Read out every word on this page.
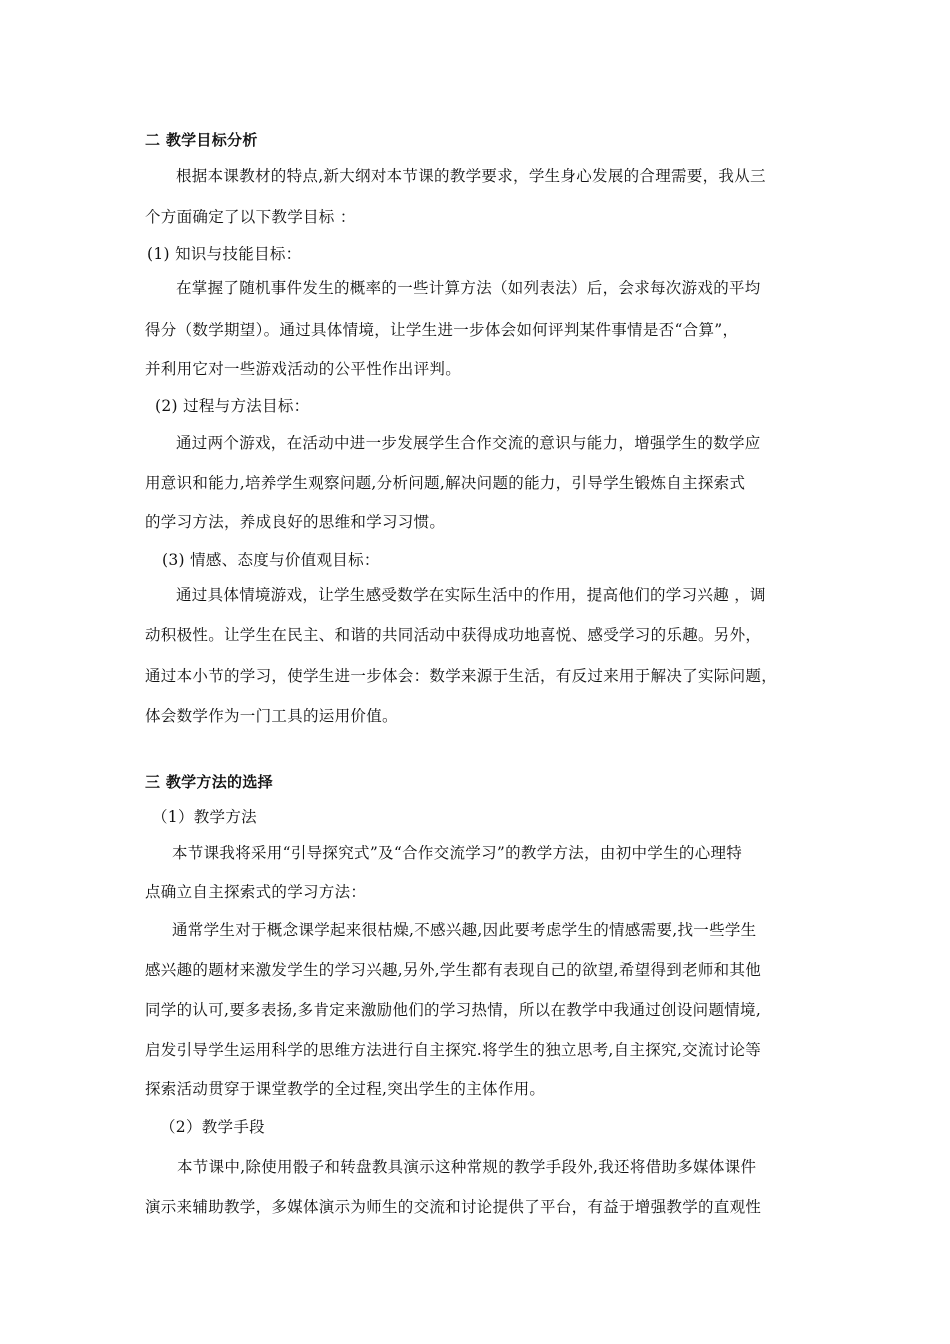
二 教学目标分析
根据本课教材的特点,新大纲对本节课的教学要求，学生身心发展的合理需要，我从三
个方面确定了以下教学目标 ：
(1) 知识与技能目标：
在掌握了随机事件发生的概率的一些计算方法（如列表法）后，会求每次游戏的平均
得分（数学期望）。通过具体情境，让学生进一步体会如何评判某件事情是否“合算”，
并利用它对一些游戏活动的公平性作出评判。
(2) 过程与方法目标：
通过两个游戏，在活动中进一步发展学生合作交流的意识与能力，增强学生的数学应
用意识和能力,培养学生观察问题,分析问题,解决问题的能力，引导学生锻炼自主探索式
的学习方法，养成良好的思维和学习习惯。
(3) 情感、态度与价值观目标：
通过具体情境游戏，让学生感受数学在实际生活中的作用，提高他们的学习兴趣 ，调
动积极性。让学生在民主、和谐的共同活动中获得成功地喜悦、感受学习的乐趣。另外，
通过本小节的学习，使学生进一步体会：数学来源于生活，有反过来用于解决了实际问题，
体会数学作为一门工具的运用价值。
三 教学方法的选择
（1）教学方法
本节课我将采用“引导探究式”及“合作交流学习”的教学方法，由初中学生的心理特
点确立自主探索式的学习方法：
通常学生对于概念课学起来很枯燥,不感兴趣,因此要考虑学生的情感需要,找一些学生
感兴趣的题材来激发学生的学习兴趣,另外,学生都有表现自己的欲望,希望得到老师和其他
同学的认可,要多表扬,多肯定来激励他们的学习热情，所以在教学中我通过创设问题情境,
启发引导学生运用科学的思维方法进行自主探究.将学生的独立思考,自主探究,交流讨论等
探索活动贯穿于课堂教学的全过程,突出学生的主体作用。
（2）教学手段
本节课中,除使用骰子和转盘教具演示这种常规的教学手段外,我还将借助多媒体课件
演示来辅助教学，多媒体演示为师生的交流和讨论提供了平台，有益于增强教学的直观性
